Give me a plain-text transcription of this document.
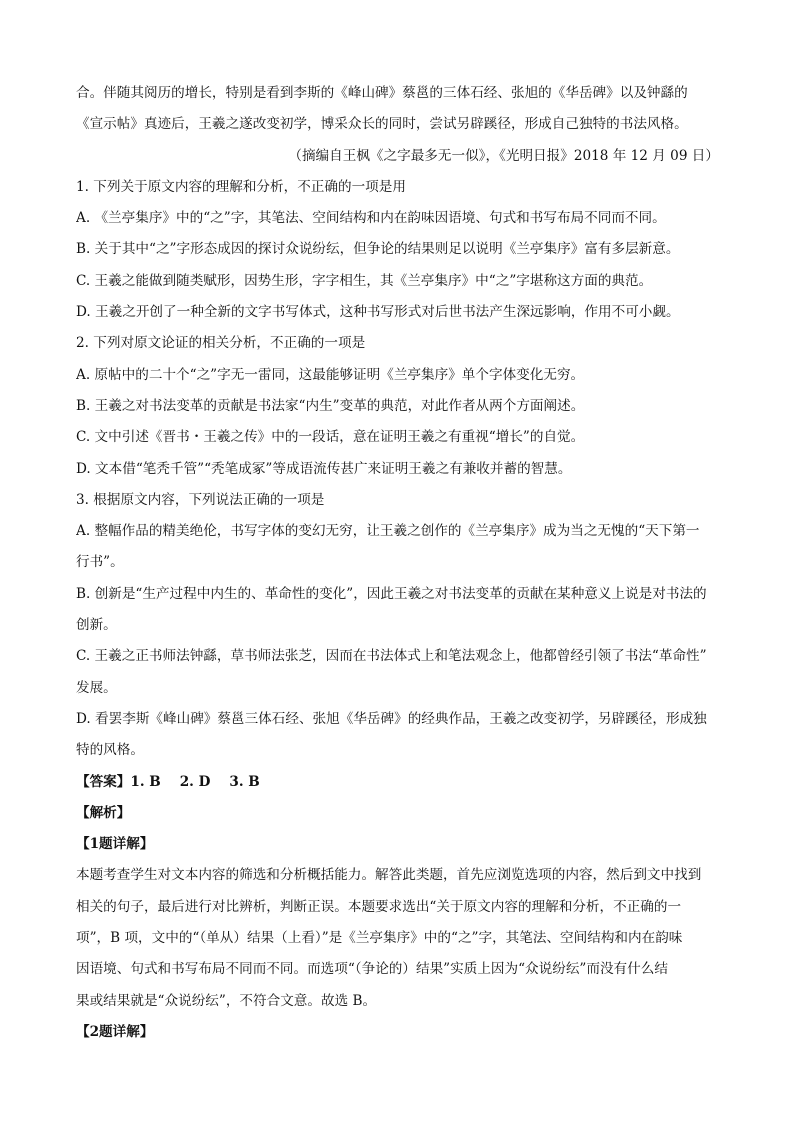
合。伴随其阅历的增长，特别是看到李斯的《峰山碑》蔡邕的三体石经、张旭的《华岳碑》以及钟繇的
《宣示帖》真迹后，王羲之遂改变初学，博采众长的同时，尝试另辟蹊径，形成自己独特的书法风格。
（摘编自王枫《之字最多无一似》，《光明日报》2018 年 12 月 09 日）
1. 下列关于原文内容的理解和分析，不正确的一项是用
A. 《兰亭集序》中的“之”字，其笔法、空间结构和内在韵味因语境、句式和书写布局不同而不同。
B. 关于其中“之”字形态成因的探讨众说纷纭，但争论的结果则足以说明《兰亭集序》富有多层新意。
C. 王羲之能做到随类赋形，因势生形，字字相生，其《兰亭集序》中“之”字堪称这方面的典范。
D. 王羲之开创了一种全新的文字书写体式，这种书写形式对后世书法产生深远影响，作用不可小觑。
2. 下列对原文论证的相关分析，不正确的一项是
A. 原帖中的二十个“之”字无一雷同，这最能够证明《兰亭集序》单个字体变化无穷。
B. 王羲之对书法变革的贡献是书法家“内生”变革的典范，对此作者从两个方面阐述。
C. 文中引述《晋书・王羲之传》中的一段话，意在证明王羲之有重视“增长”的自觉。
D. 文本借“笔秃千管”“秃笔成冢”等成语流传甚广来证明王羲之有兼收并蓄的智慧。
3. 根据原文内容，下列说法正确的一项是
A. 整幅作品的精美绝伦，书写字体的变幻无穷，让王羲之创作的《兰亭集序》成为当之无愧的“天下第一
行书”。
B. 创新是“生产过程中内生的、革命性的变化”，因此王羲之对书法变革的贡献在某种意义上说是对书法的
创新。
C. 王羲之正书师法钟繇，草书师法张芝，因而在书法体式上和笔法观念上，他都曾经引领了书法“革命性”
发展。
D. 看罢李斯《峰山碑》蔡邕三体石经、张旭《华岳碑》的经典作品，王羲之改变初学，另辟蹊径，形成独
特的风格。
【答案】1. B    2. D    3. B
【解析】
【1题详解】
本题考查学生对文本内容的筛选和分析概括能力。解答此类题，首先应浏览选项的内容，然后到文中找到
相关的句子，最后进行对比辨析，判断正误。本题要求选出“关于原文内容的理解和分析，不正确的一
项”，B 项，文中的“（单从）结果（上看）”是《兰亭集序》中的“之”字，其笔法、空间结构和内在韵味
因语境、句式和书写布局不同而不同。而选项“（争论的）结果”实质上因为“众说纷纭”而没有什么结
果或结果就是“众说纷纭”，不符合文意。故选 B。
【2题详解】
